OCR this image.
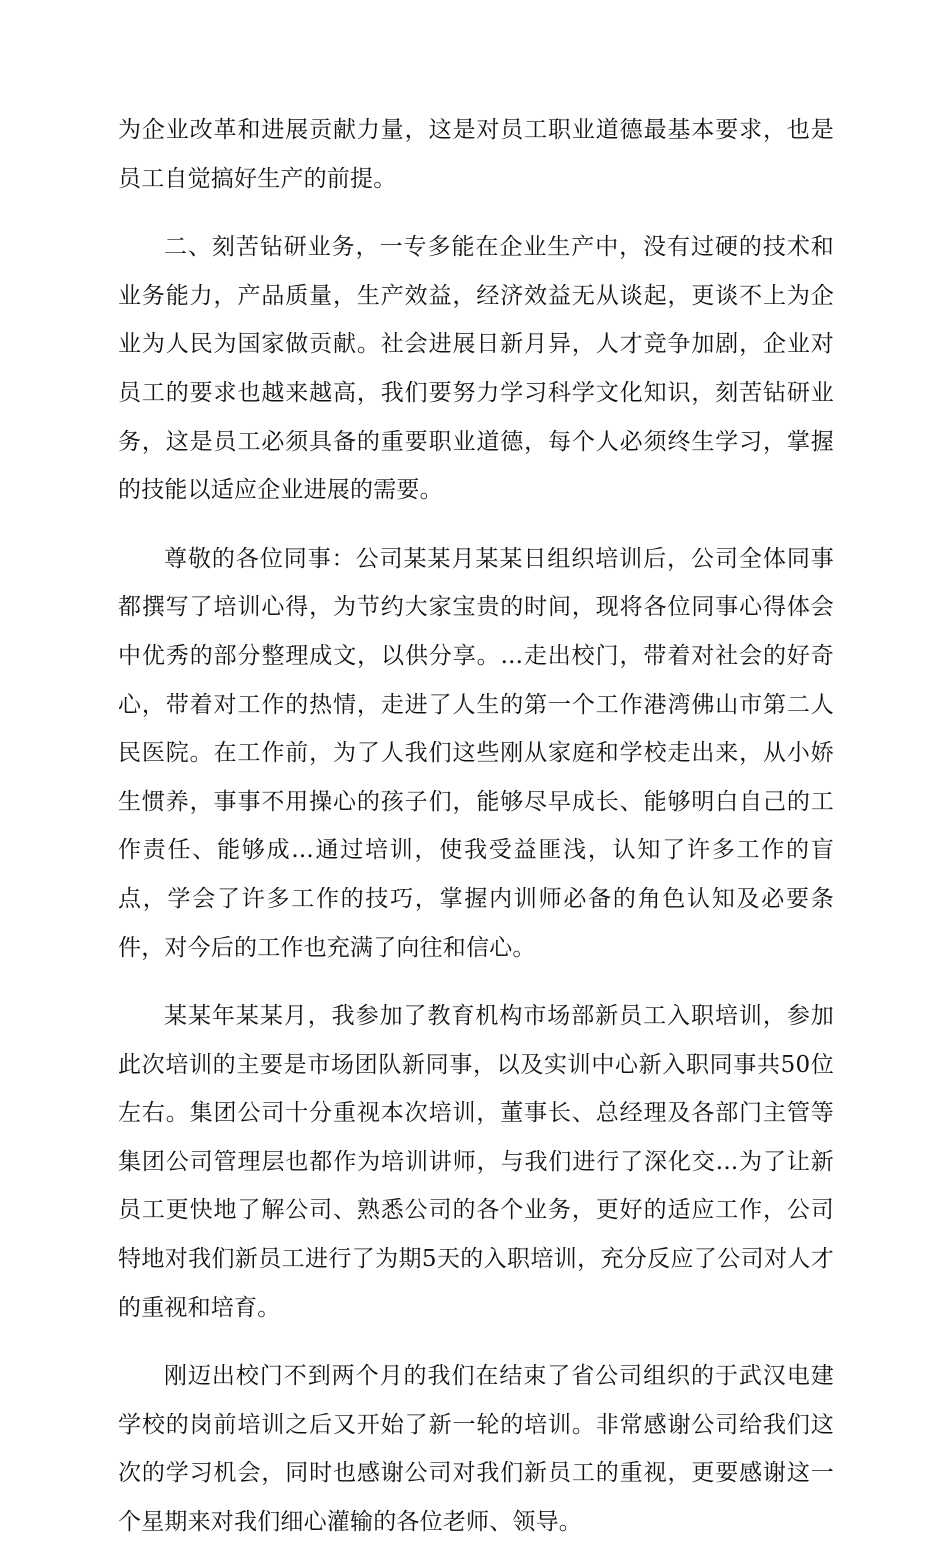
为企业改革和进展贡献力量，这是对员工职业道德最基本要求，也是员工自觉搞好生产的前提。

二、刻苦钻研业务，一专多能在企业生产中，没有过硬的技术和业务能力，产品质量，生产效益，经济效益无从谈起，更谈不上为企业为人民为国家做贡献。社会进展日新月异，人才竞争加剧，企业对员工的要求也越来越高，我们要努力学习科学文化知识，刻苦钻研业务，这是员工必须具备的重要职业道德，每个人必须终生学习，掌握的技能以适应企业进展的需要。

尊敬的各位同事：公司某某月某某日组织培训后，公司全体同事都撰写了培训心得，为节约大家宝贵的时间，现将各位同事心得体会中优秀的部分整理成文，以供分享。...走出校门，带着对社会的好奇心，带着对工作的热情，走进了人生的第一个工作港湾佛山市第二人民医院。在工作前，为了人我们这些刚从家庭和学校走出来，从小娇生惯养，事事不用操心的孩子们，能够尽早成长、能够明白自己的工作责任、能够成...通过培训，使我受益匪浅，认知了许多工作的盲点，学会了许多工作的技巧，掌握内训师必备的角色认知及必要条件，对今后的工作也充满了向往和信心。

某某年某某月，我参加了教育机构市场部新员工入职培训，参加此次培训的主要是市场团队新同事，以及实训中心新入职同事共50位左右。集团公司十分重视本次培训，董事长、总经理及各部门主管等集团公司管理层也都作为培训讲师，与我们进行了深化交...为了让新员工更快地了解公司、熟悉公司的各个业务，更好的适应工作，公司特地对我们新员工进行了为期5天的入职培训，充分反应了公司对人才的重视和培育。

刚迈出校门不到两个月的我们在结束了省公司组织的于武汉电建学校的岗前培训之后又开始了新一轮的培训。非常感谢公司给我们这次的学习机会，同时也感谢公司对我们新员工的重视，更要感谢这一个星期来对我们细心灌输的各位老师、领导。
